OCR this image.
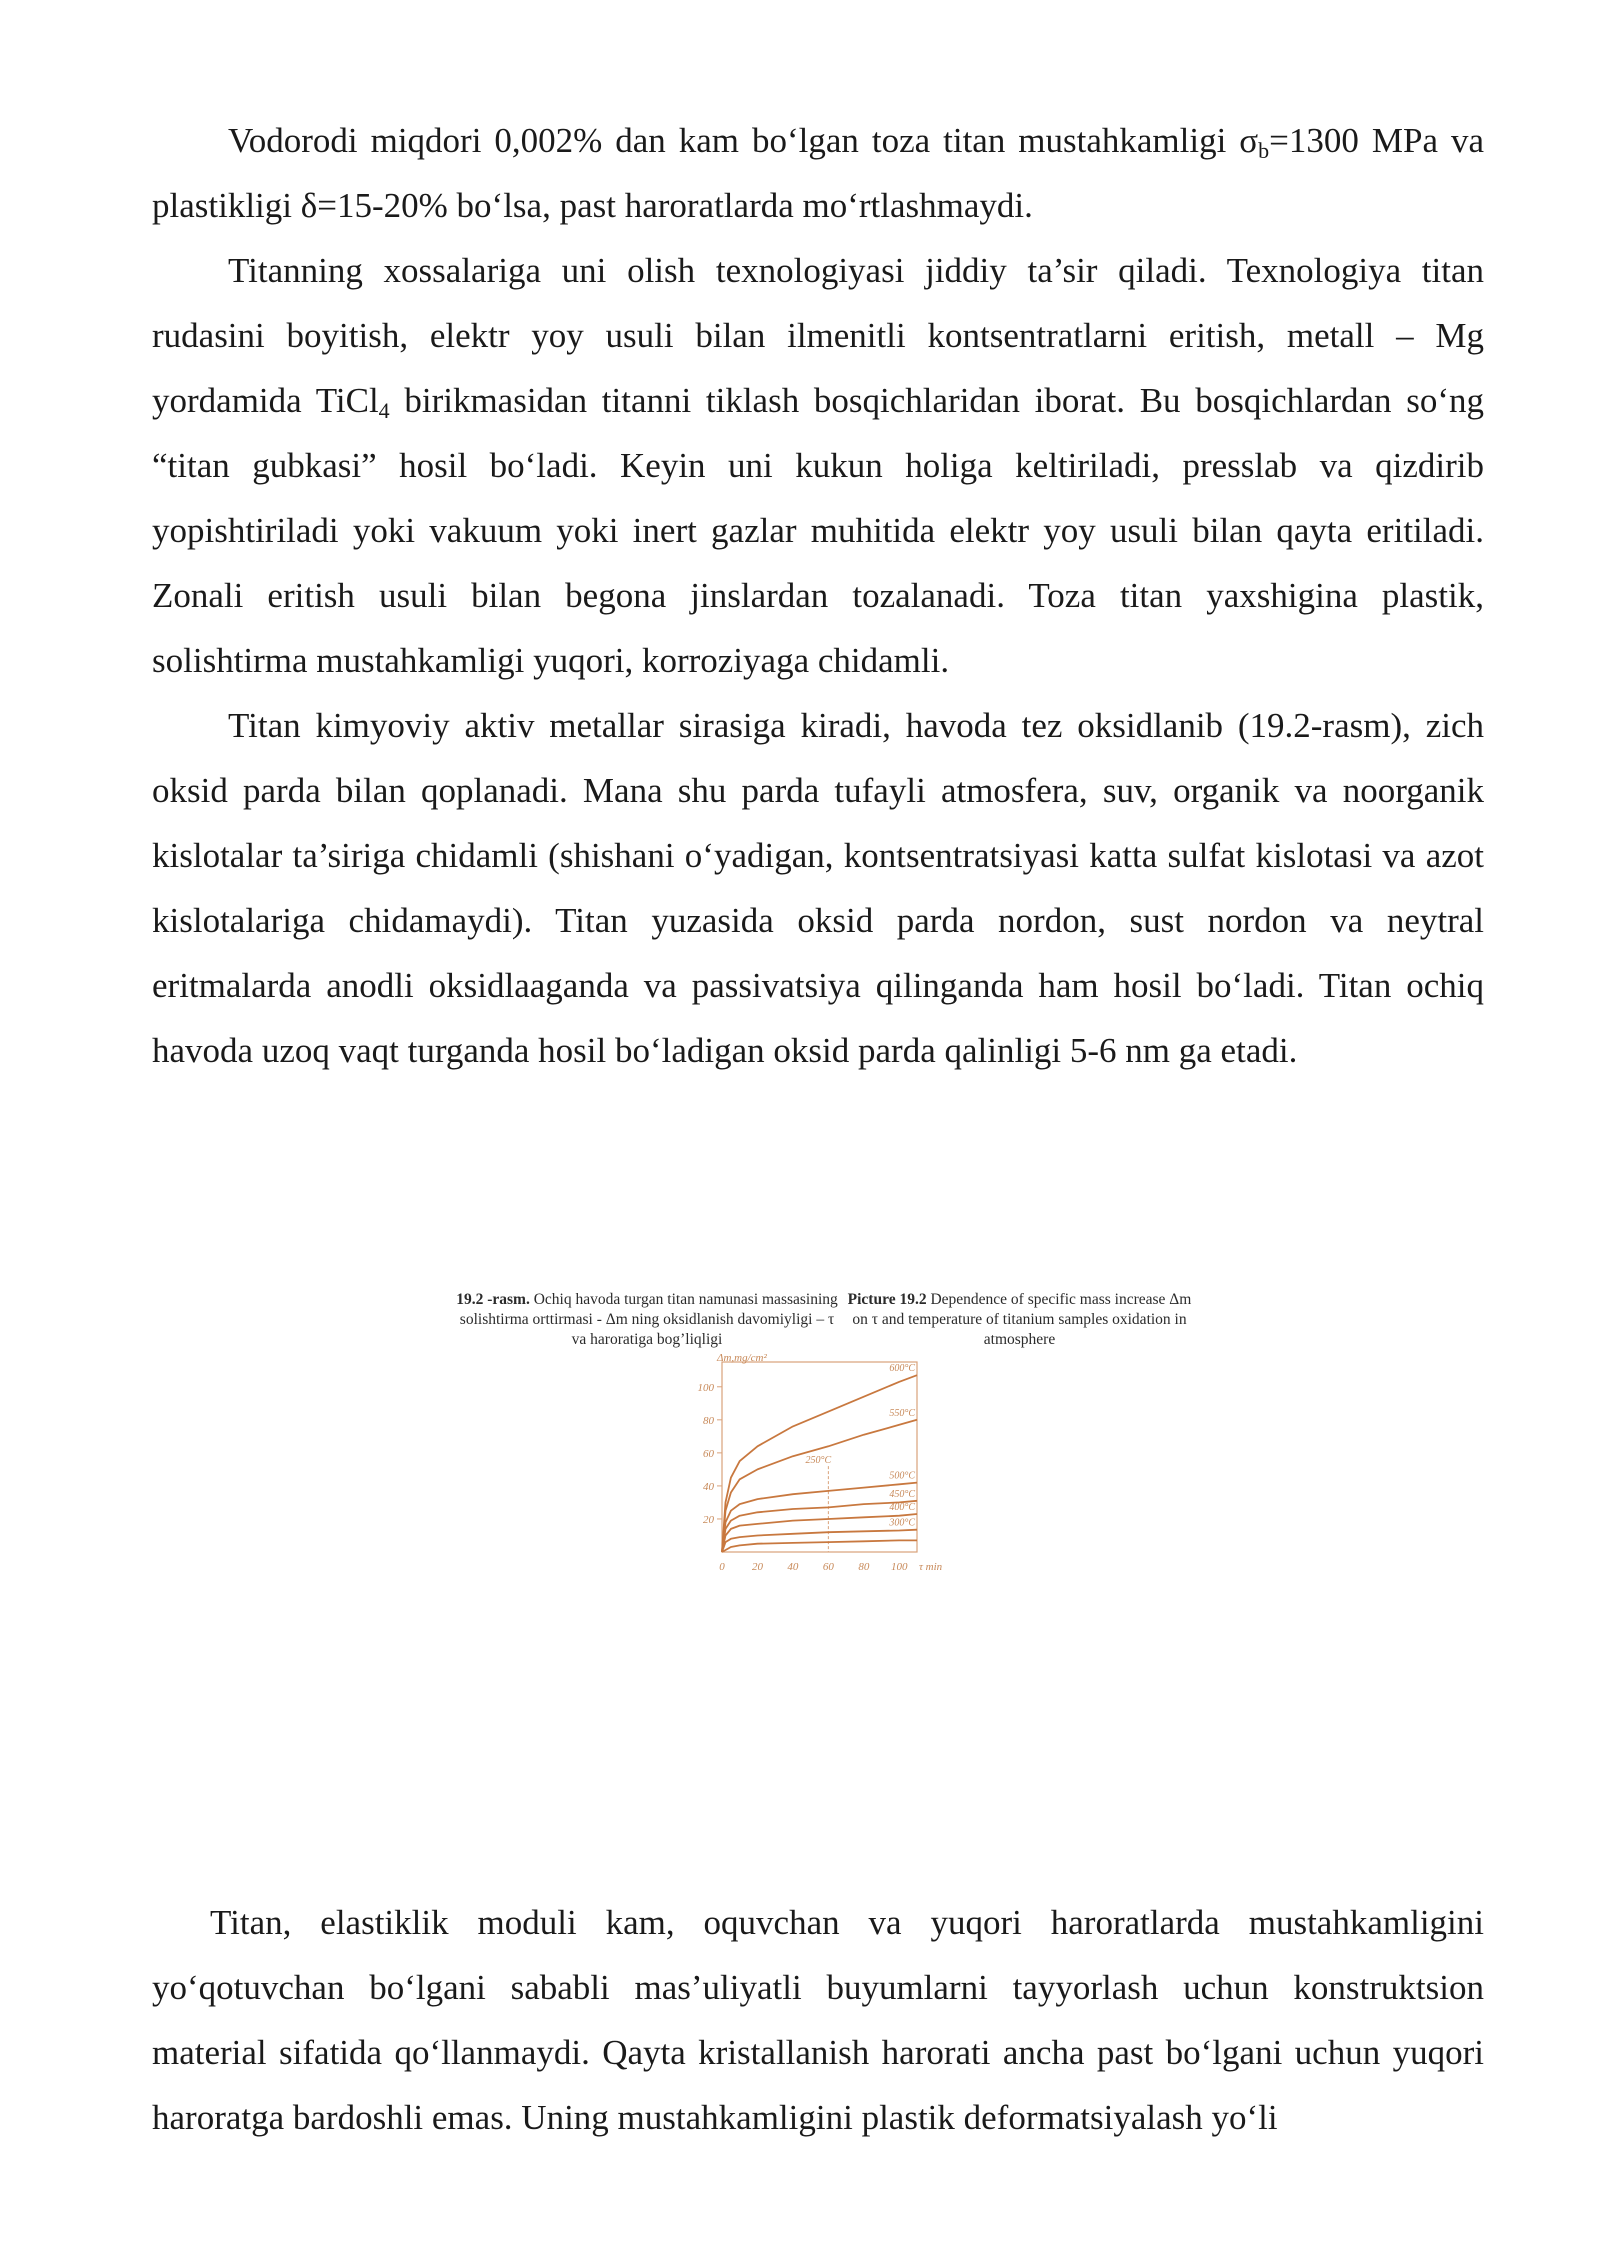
Vodorodi miqdori 0,002% dan kam bo‘lgan toza titan mustahkamligi $\sigma_b=1300$ MPa va plastikligi δ=15-20% bo‘lsa, past haroratlarda mo‘rtlashmaydi.

Titanning xossalariga uni olish texnologiyasi jiddiy ta’sir qiladi. Texnologiya titan rudasini boyitish, elektr yoy usuli bilan ilmenitli kontsentratlarni eritish, metall – Mg yordamida TiCl$_4$ birikmasidan titanni tiklash bosqichlaridan iborat. Bu bosqichlardan so‘ng “titan gubkasi” hosil bo‘ladi. Keyin uni kukun holiga keltiriladi, presslab va qizdirib yopishtiriladi yoki vakuum yoki inert gazlar muhitida elektr yoy usuli bilan qayta eritiladi. Zonali eritish usuli bilan begona jinslardan tozalanadi. Toza titan yaxshigina plastik, solishtirma mustahkamligi yuqori, korroziyaga chidamli.

Titan kimyoviy aktiv metallar sirasiga kiradi, havoda tez oksidlanib (19.2-rasm), zich oksid parda bilan qoplanadi. Mana shu parda tufayli atmosfera, suv, organik va noorganik kislotalar ta’siriga chidamli (shishani o‘yadigan, kontsentratsiyasi katta sulfat kislotasi va azot kislotalariga chidamaydi). Titan yuzasida oksid parda nordon, sust nordon va neytral eritmalarda anodli oksidlaaganda va passivatsiya qilinganda ham hosil bo‘ladi. Titan ochiq havoda uzoq vaqt turganda hosil bo‘ladigan oksid parda qalinligi 5-6 nm ga etadi.

19.2 -rasm. Ochiq havoda turgan titan namunasi massasining solishtirma orttirmasi - Δm ning oksidlanish davomiyligi – τ va haroratiga bog’liqligi
Picture 19.2 Dependence of specific mass increase Δm on τ and temperature of titanium samples oxidation in atmosphere
20
40
60
80
100
0 20 40 60 80 100
Δm,mg/cm²
τ min
250°C
600°C
550°C
500°C
450°C
400°C
300°C

Titan, elastiklik moduli kam, oquvchan va yuqori haroratlarda mustahkamligini yo‘qotuvchan bo‘lgani sababli mas’uliyatli buyumlarni tayyorlash uchun konstruktsion material sifatida qo‘llanmaydi. Qayta kristallanish harorati ancha past bo‘lgani uchun yuqori haroratga bardoshli emas. Uning mustahkamligini plastik deformatsiyalash yo‘li
